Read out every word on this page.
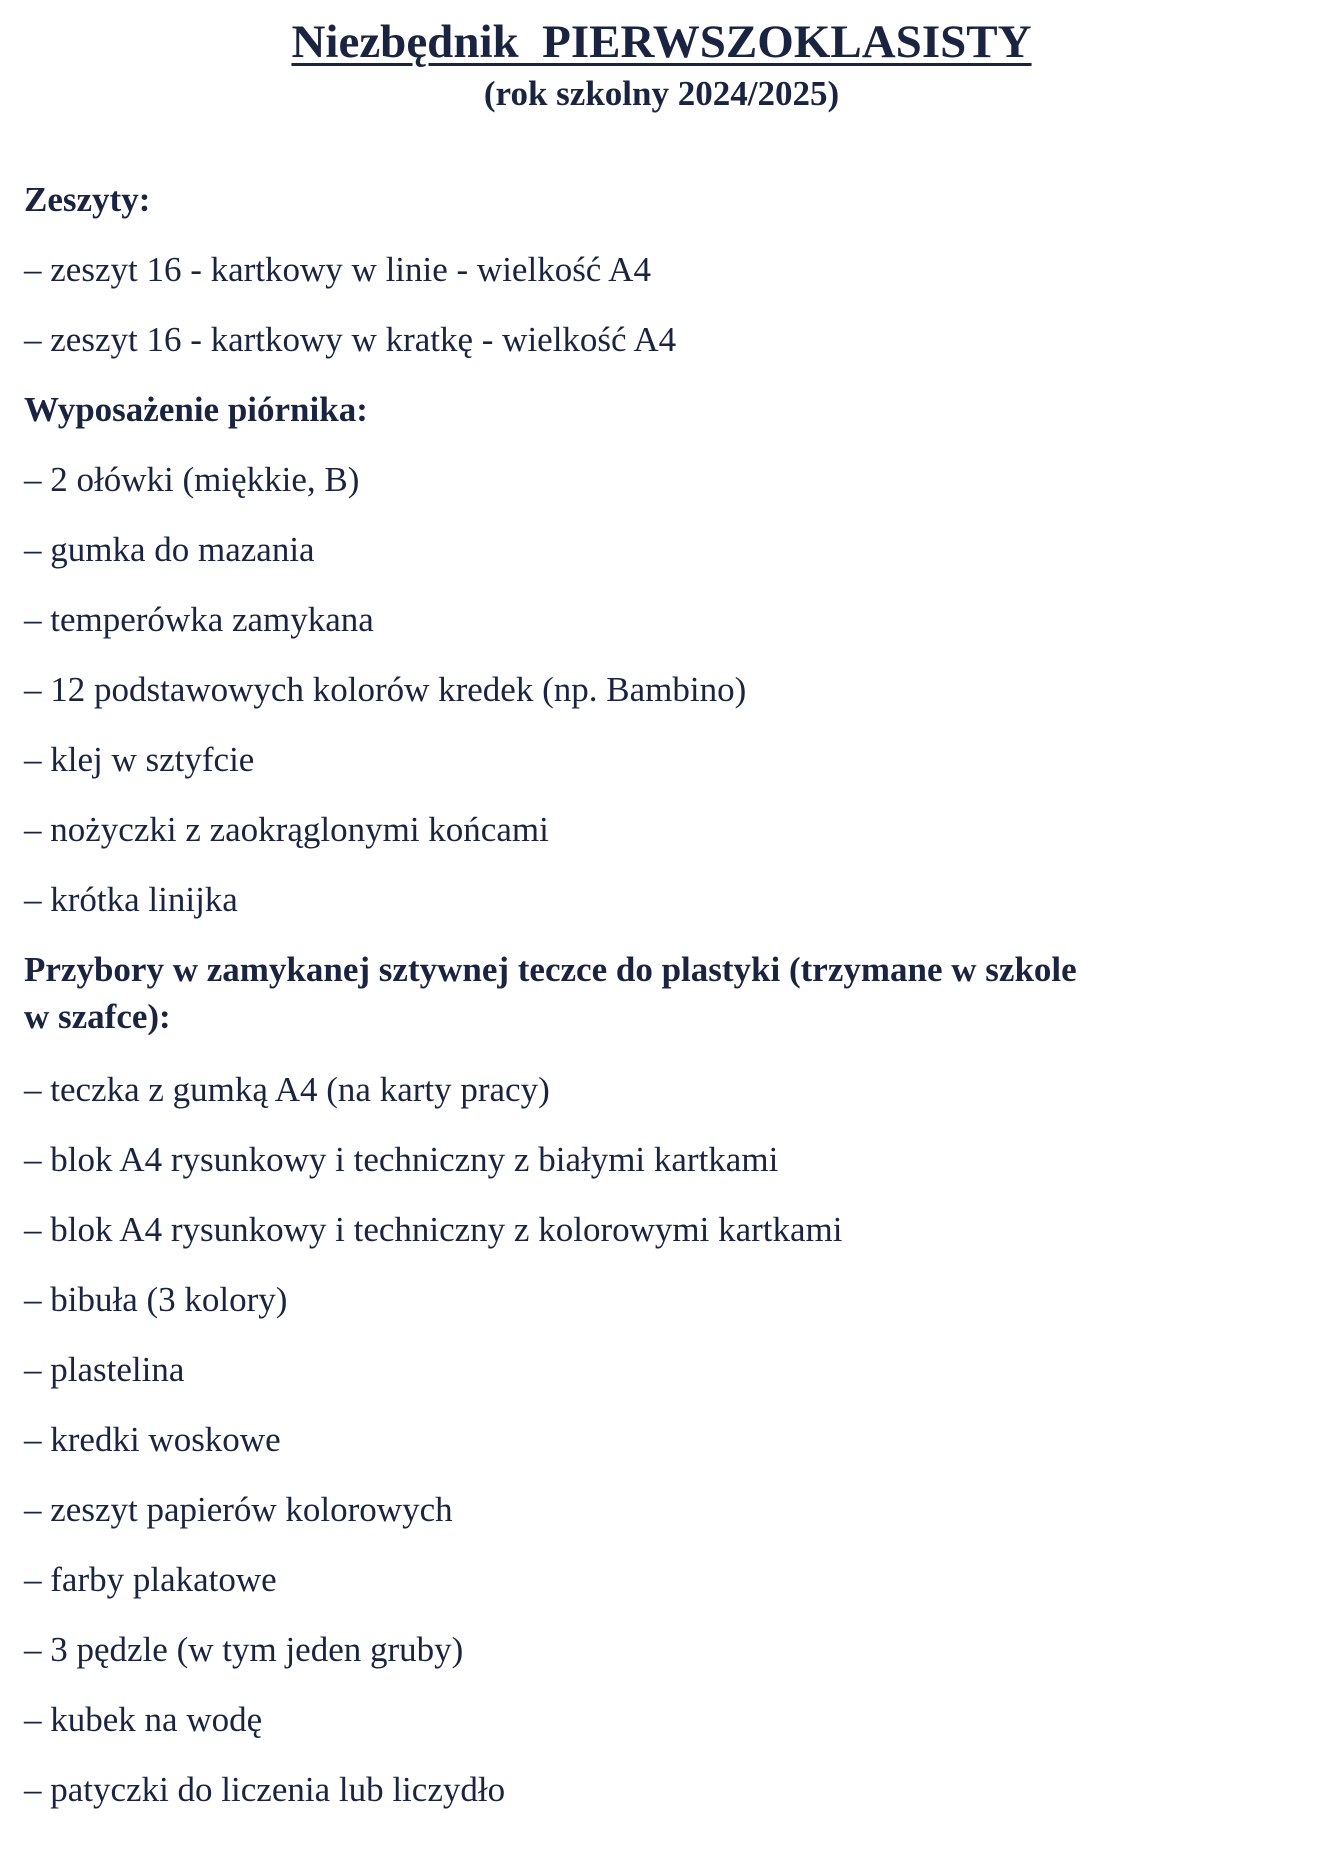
Niezbędnik  PIERWSZOKLASISTY
(rok szkolny 2024/2025)
Zeszyty:
– zeszyt 16 - kartkowy w linie - wielkość A4
– zeszyt 16 - kartkowy w kratkę - wielkość A4
Wyposażenie piórnika:
– 2 ołówki (miękkie, B)
– gumka do mazania
– temperówka zamykana
– 12 podstawowych kolorów kredek (np. Bambino)
– klej w sztyfcie
– nożyczki z zaokrąglonymi końcami
– krótka linijka
Przybory w zamykanej sztywnej teczce do plastyki (trzymane w szkole
w szafce):
– teczka z gumką A4 (na karty pracy)
– blok A4 rysunkowy i techniczny z białymi kartkami
– blok A4 rysunkowy i techniczny z kolorowymi kartkami
– bibuła (3 kolory)
– plastelina
– kredki woskowe
– zeszyt papierów kolorowych
– farby plakatowe
– 3 pędzle (w tym jeden gruby)
– kubek na wodę
– patyczki do liczenia lub liczydło
